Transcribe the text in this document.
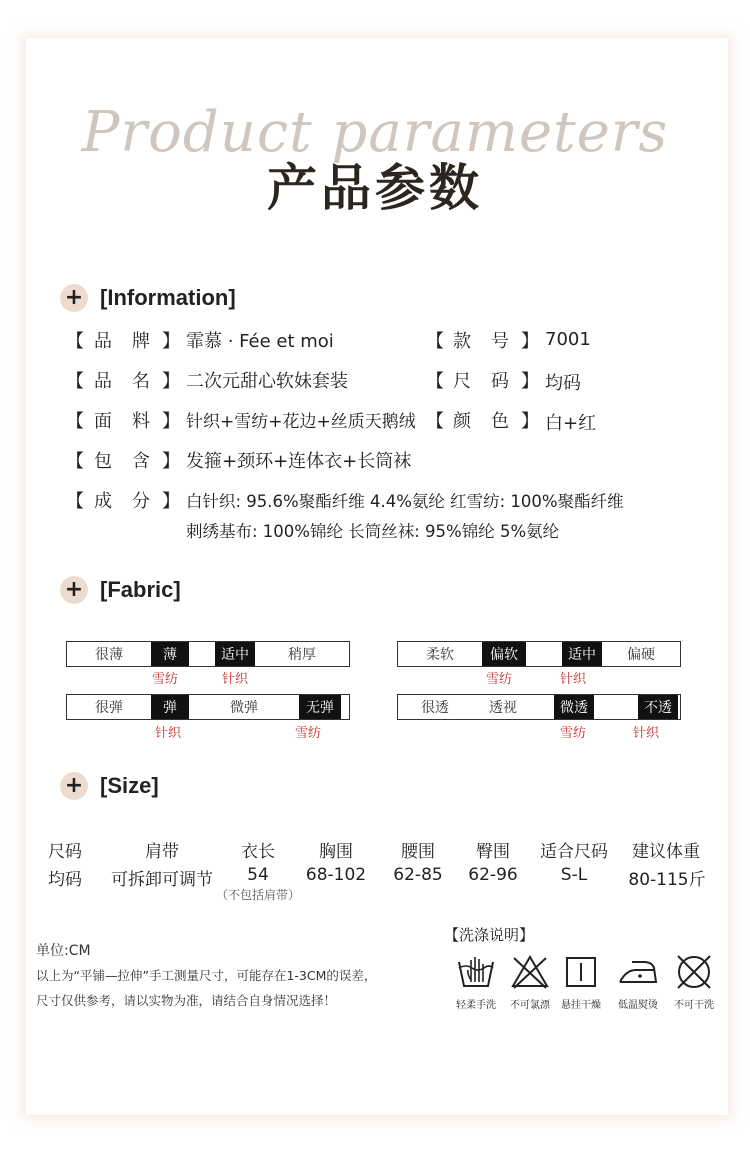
Product parameters
产品参数
+ [Information]
【 品 牌 】 霏慕 · Fée et moi	【 款 号 】 7001
【 品 名 】 二次元甜心软妹套装	【 尺 码 】 均码
【 面 料 】 针织+雪纺+花边+丝质天鹅绒 【 颜 色 】 白+红
【 包 含 】 发箍+颈环+连体衣+长筒袜
【 成 分 】 白针织: 95.6%聚酯纤维 4.4%氨纶 红雪纺: 100%聚酯纤维
刺绣基布: 100%锦纶 长筒丝袜: 95%锦纶 5%氨纶
+ [Fabric]
很薄	薄	适中	稍厚
雪纺	针织
柔软	偏软	适中	偏硬
雪纺	针织
很弹	弹	微弹	无弹
针织	雪纺
很透	透视	微透	不透
雪纺	针织
+ [Size]
尺码	肩带	衣长	胸围	腰围	臀围	适合尺码	建议体重
均码	可拆卸可调节	54	68-102	62-85	62-96	S-L	80-115斤
（不包括肩带）
单位:CM
以上为“平铺—拉伸”手工测量尺寸，可能存在1-3CM的误差，
尺寸仅供参考，请以实物为准，请结合自身情况选择！
【洗涤说明】
轻柔手洗	不可氯漂	悬挂干燥	低温熨烫	不可干洗
